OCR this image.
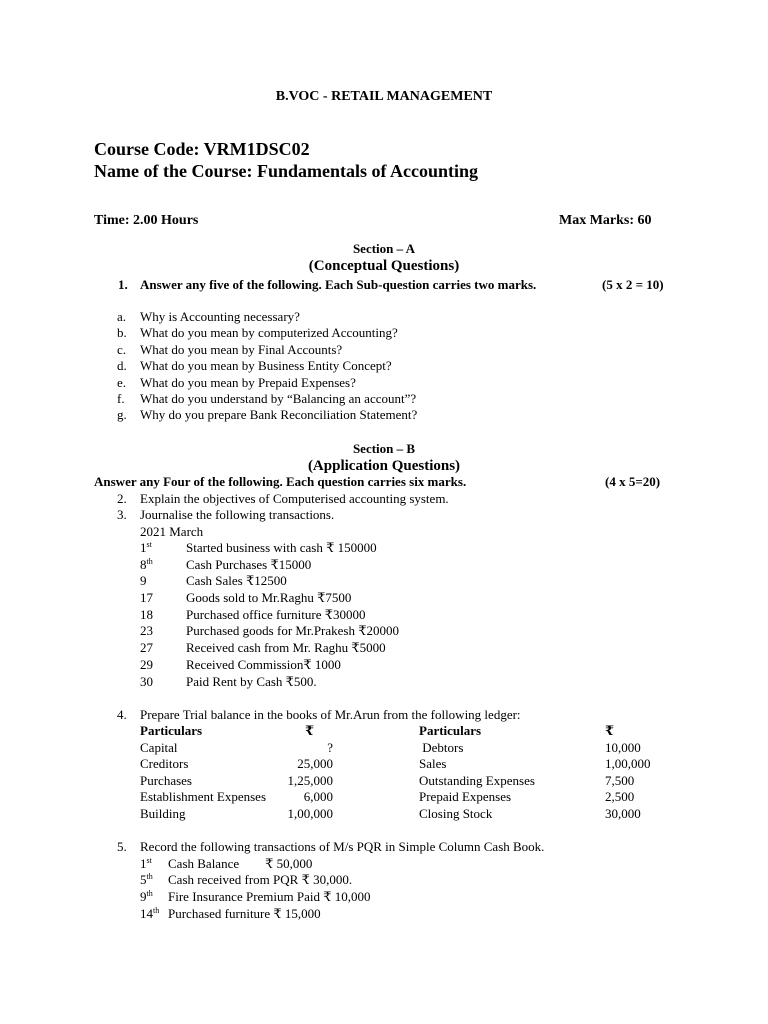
B.VOC - RETAIL MANAGEMENT
Course Code: VRM1DSC02
Name of the Course: Fundamentals of Accounting
Time: 2.00 Hours	Max Marks: 60
Section – A
(Conceptual Questions)
1. Answer any five of the following. Each Sub-question carries two marks.	(5 x 2 = 10)
a. Why is Accounting necessary?
b. What do you mean by computerized Accounting?
c. What do you mean by Final Accounts?
d. What do you mean by Business Entity Concept?
e. What do you mean by Prepaid Expenses?
f. What do you understand by “Balancing an account”?
g. Why do you prepare Bank Reconciliation Statement?
Section – B
(Application Questions)
Answer any Four of the following. Each question carries six marks.	(4 x 5=20)
2. Explain the objectives of Computerised accounting system.
3. Journalise the following transactions.
2021 March
1st	Started business with cash ₹ 150000
8th	Cash Purchases ₹15000
9	Cash Sales ₹12500
17	Goods sold to Mr.Raghu ₹7500
18	Purchased office furniture ₹30000
23	Purchased goods for Mr.Prakesh ₹20000
27	Received cash from Mr. Raghu ₹5000
29	Received Commission₹ 1000
30	Paid Rent by Cash ₹500.
4. Prepare Trial balance in the books of Mr.Arun from the following ledger:
Particulars	₹	Particulars	₹
Capital	?	Debtors	10,000
Creditors	25,000	Sales	1,00,000
Purchases	1,25,000	Outstanding Expenses	7,500
Establishment Expenses	6,000	Prepaid Expenses	2,500
Building	1,00,000	Closing Stock	30,000
5. Record the following transactions of M/s PQR in Simple Column Cash Book.
1st Cash Balance        ₹ 50,000
5th Cash received from PQR ₹ 30,000.
9th Fire Insurance Premium Paid ₹ 10,000
14th Purchased furniture ₹ 15,000
